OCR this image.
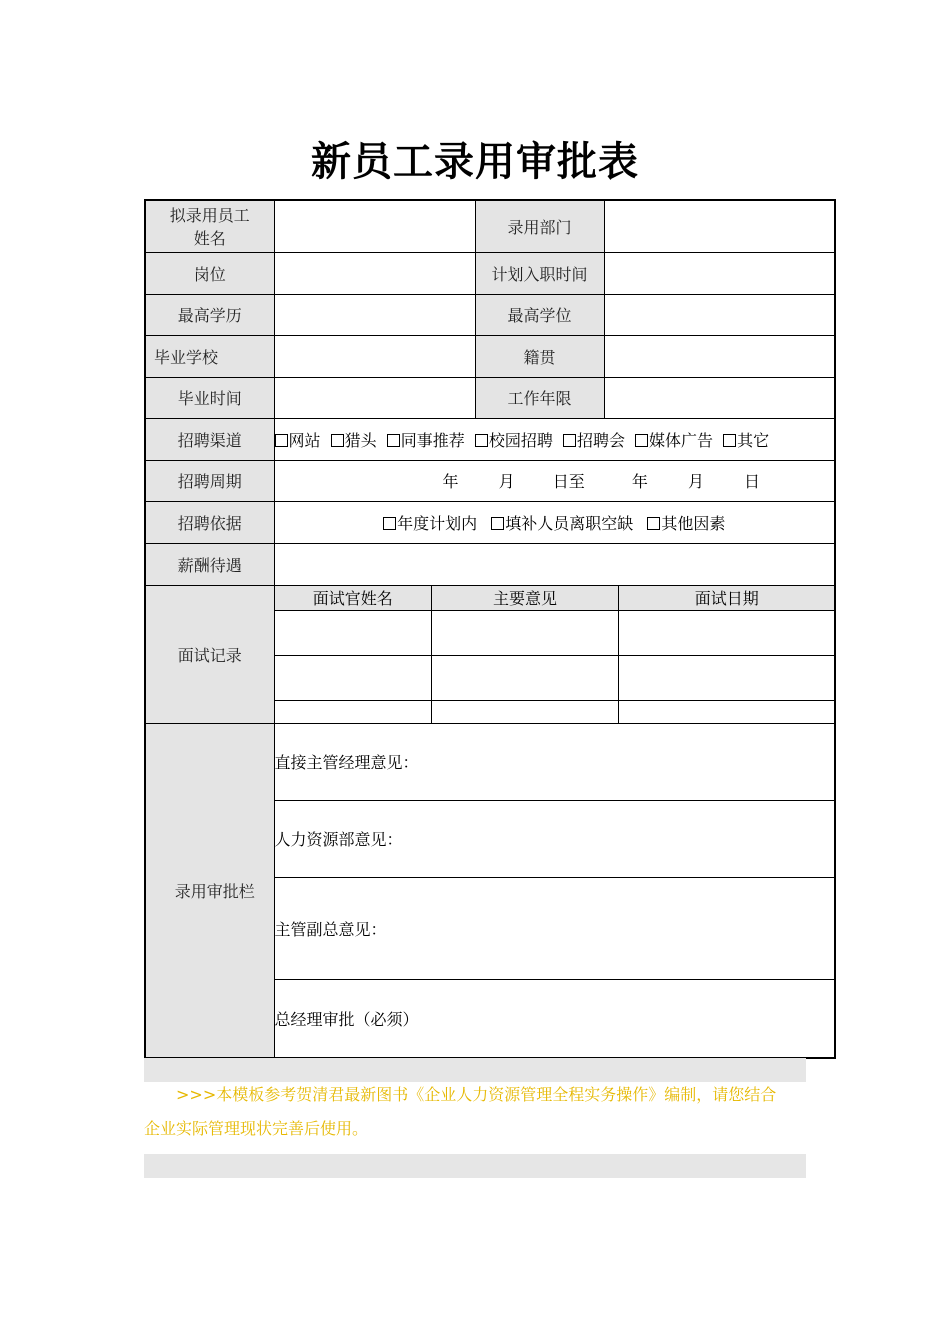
新员工录用审批表
拟录用员工
姓名
		录用部门	
岗位		计划入职时间	
最高学历		最高学位	
毕业学校		籍贯	
毕业时间		工作年限	
招聘渠道	网站 猎头 同事推荐 校园招聘 招聘会 媒体广告 其它
招聘周期	年	月 日至	年	月	日
招聘依据	年度计划内 填补人员离职空缺 其他因素
薪酬待遇	
面试记录	
面试官姓名	主要意见	面试日期

录用审批栏	直接主管经理意见：
人力资源部意见：
主管副总意见：
总经理审批（必须）
>>>本模板参考贺清君最新图书《企业人力资源管理全程实务操作》编制，请您结合
企业实际管理现状完善后使用。
